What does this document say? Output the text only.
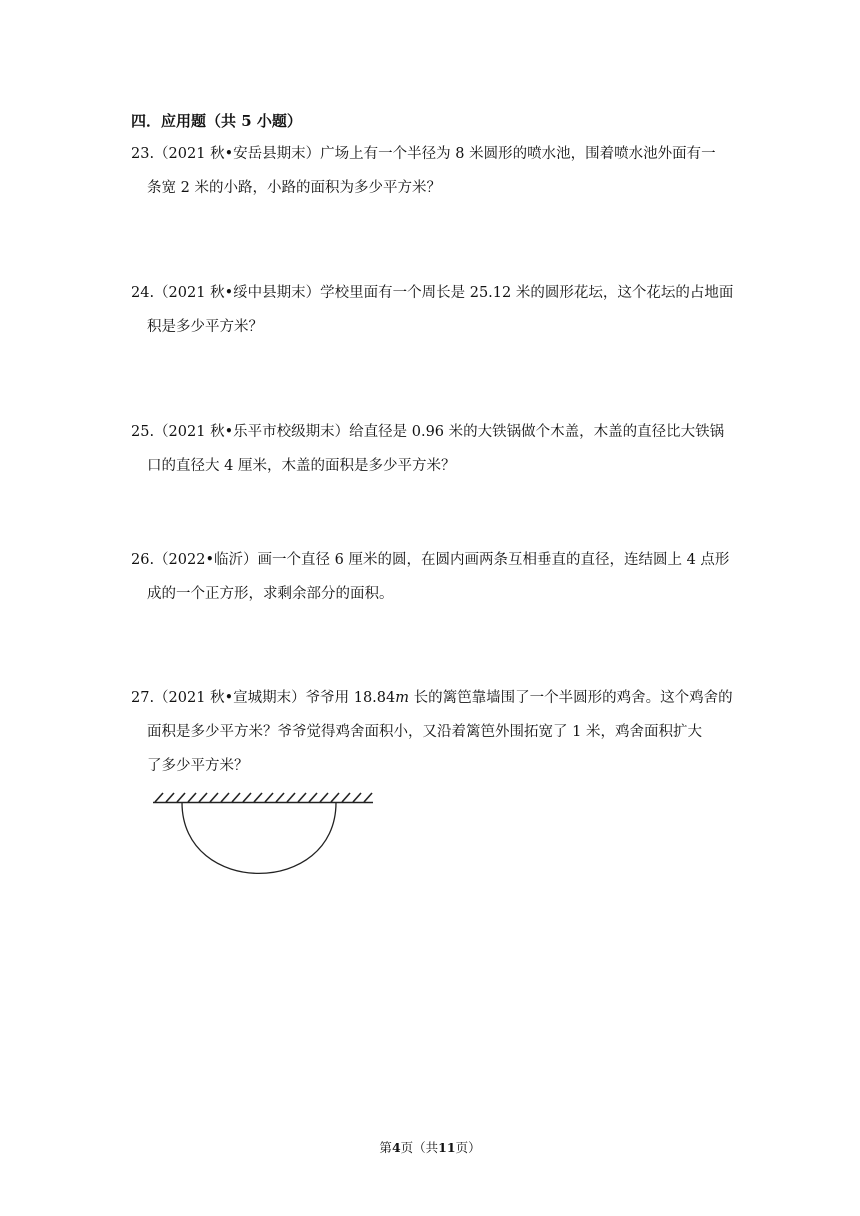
四．应用题（共 5 小题）
23.（2021 秋•安岳县期末）广场上有一个半径为 8 米圆形的喷水池，围着喷水池外面有一
条宽 2 米的小路，小路的面积为多少平方米？
24.（2021 秋•绥中县期末）学校里面有一个周长是 25.12 米的圆形花坛，这个花坛的占地面
积是多少平方米？
25.（2021 秋•乐平市校级期末）给直径是 0.96 米的大铁锅做个木盖，木盖的直径比大铁锅
口的直径大 4 厘米，木盖的面积是多少平方米？
26.（2022•临沂）画一个直径 6 厘米的圆，在圆内画两条互相垂直的直径，连结圆上 4 点形
成的一个正方形，求剩余部分的面积。
27.（2021 秋•宣城期末）爷爷用 18.84m 长的篱笆靠墙围了一个半圆形的鸡舍。这个鸡舍的
面积是多少平方米？爷爷觉得鸡舍面积小，又沿着篱笆外围拓宽了 1 米，鸡舍面积扩大
了多少平方米？

第4页（共11页）
